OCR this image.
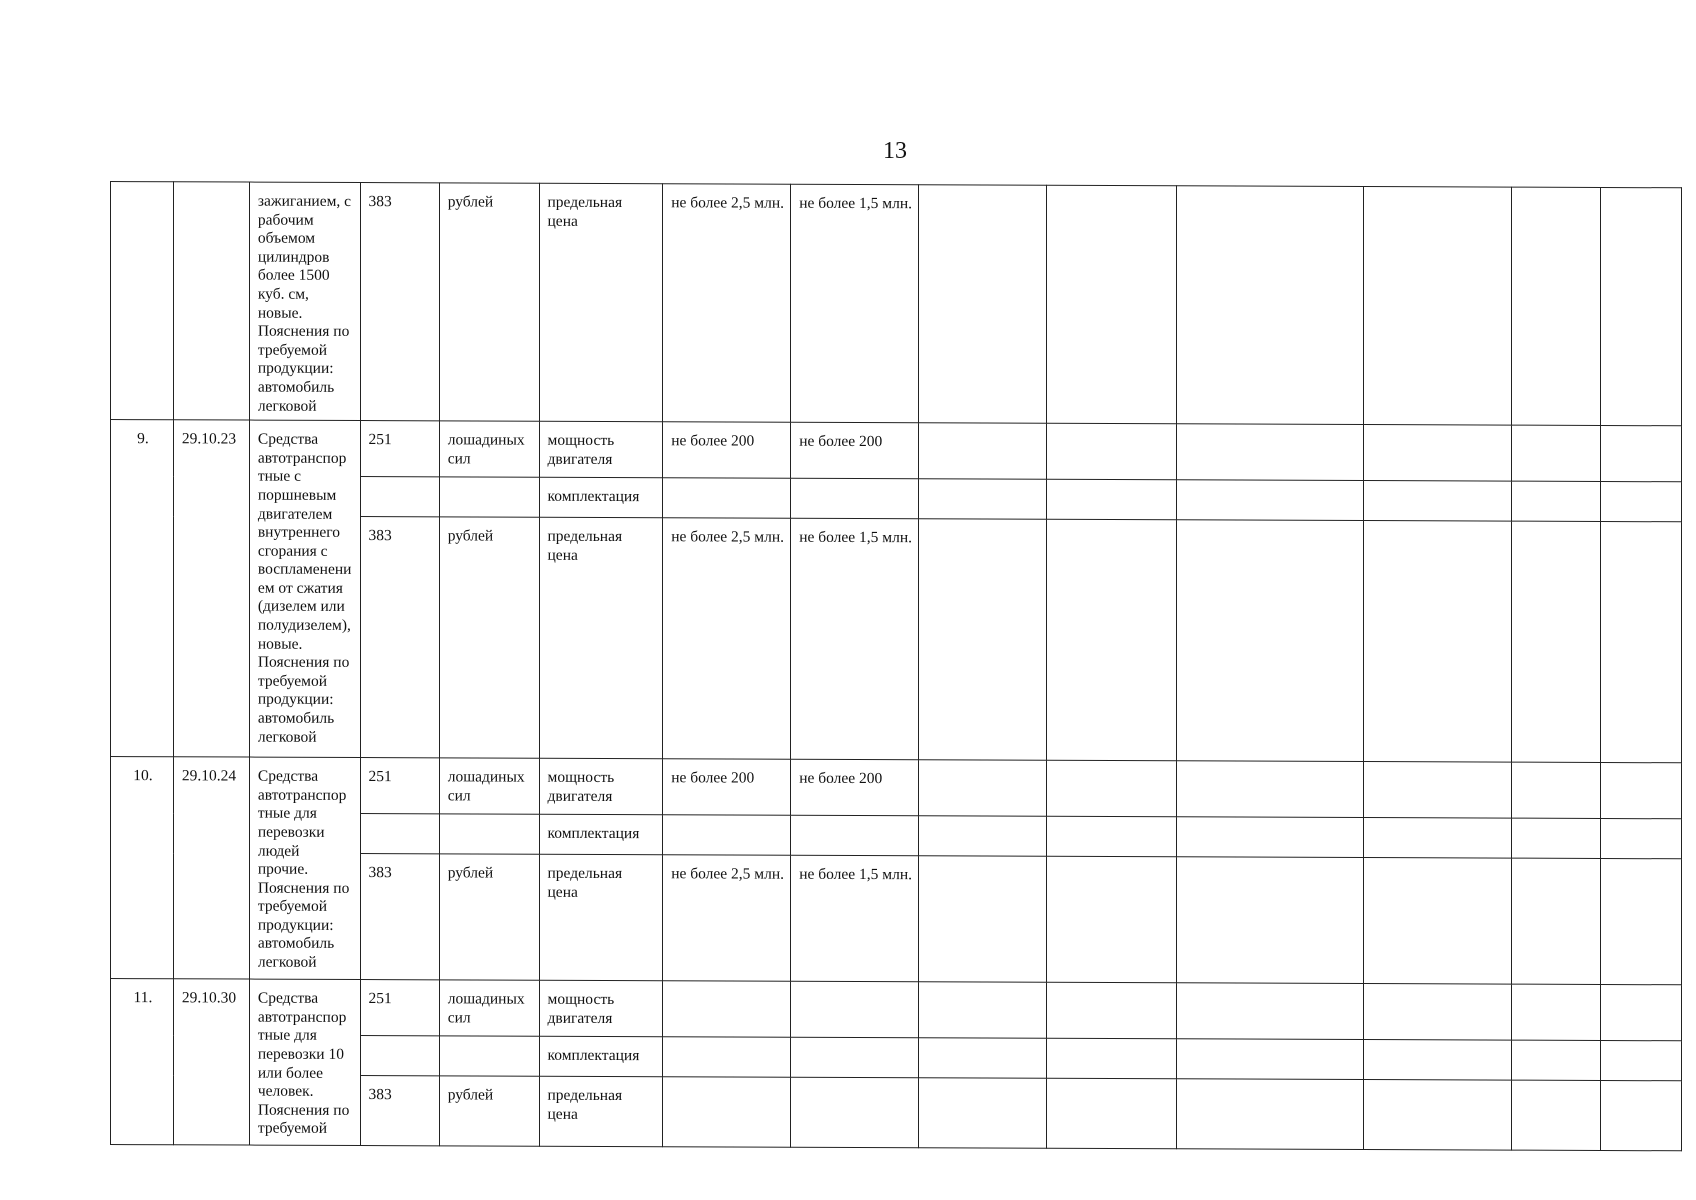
13
		зажиганием, с рабочим объемом цилиндров более 1500 куб. см, новые. Пояснения по требуемой продукции: автомобиль легковой	383	рублей	предельная цена	не более 2,5 млн.	не более 1,5 млн.						
9.	29.10.23	Средства автотранспор тные с поршневым двигателем внутреннего сгорания с воспламенени ем от сжатия (дизелем или полудизелем), новые. Пояснения по требуемой продукции: автомобиль легковой	251	лошадиных сил	мощность двигателя	не более 200	не более 200						
					комплектация								
			383	рублей	предельная цена	не более 2,5 млн.	не более 1,5 млн.						
10.	29.10.24	Средства автотранспор тные для перевозки людей прочие. Пояснения по требуемой продукции: автомобиль легковой	251	лошадиных сил	мощность двигателя	не более 200	не более 200						
					комплектация								
			383	рублей	предельная цена	не более 2,5 млн.	не более 1,5 млн.						
11.	29.10.30	Средства автотранспор тные для перевозки 10 или более человек. Пояснения по требуемой	251	лошадиных сил	мощность двигателя								
					комплектация								
			383	рублей	предельная цена								
